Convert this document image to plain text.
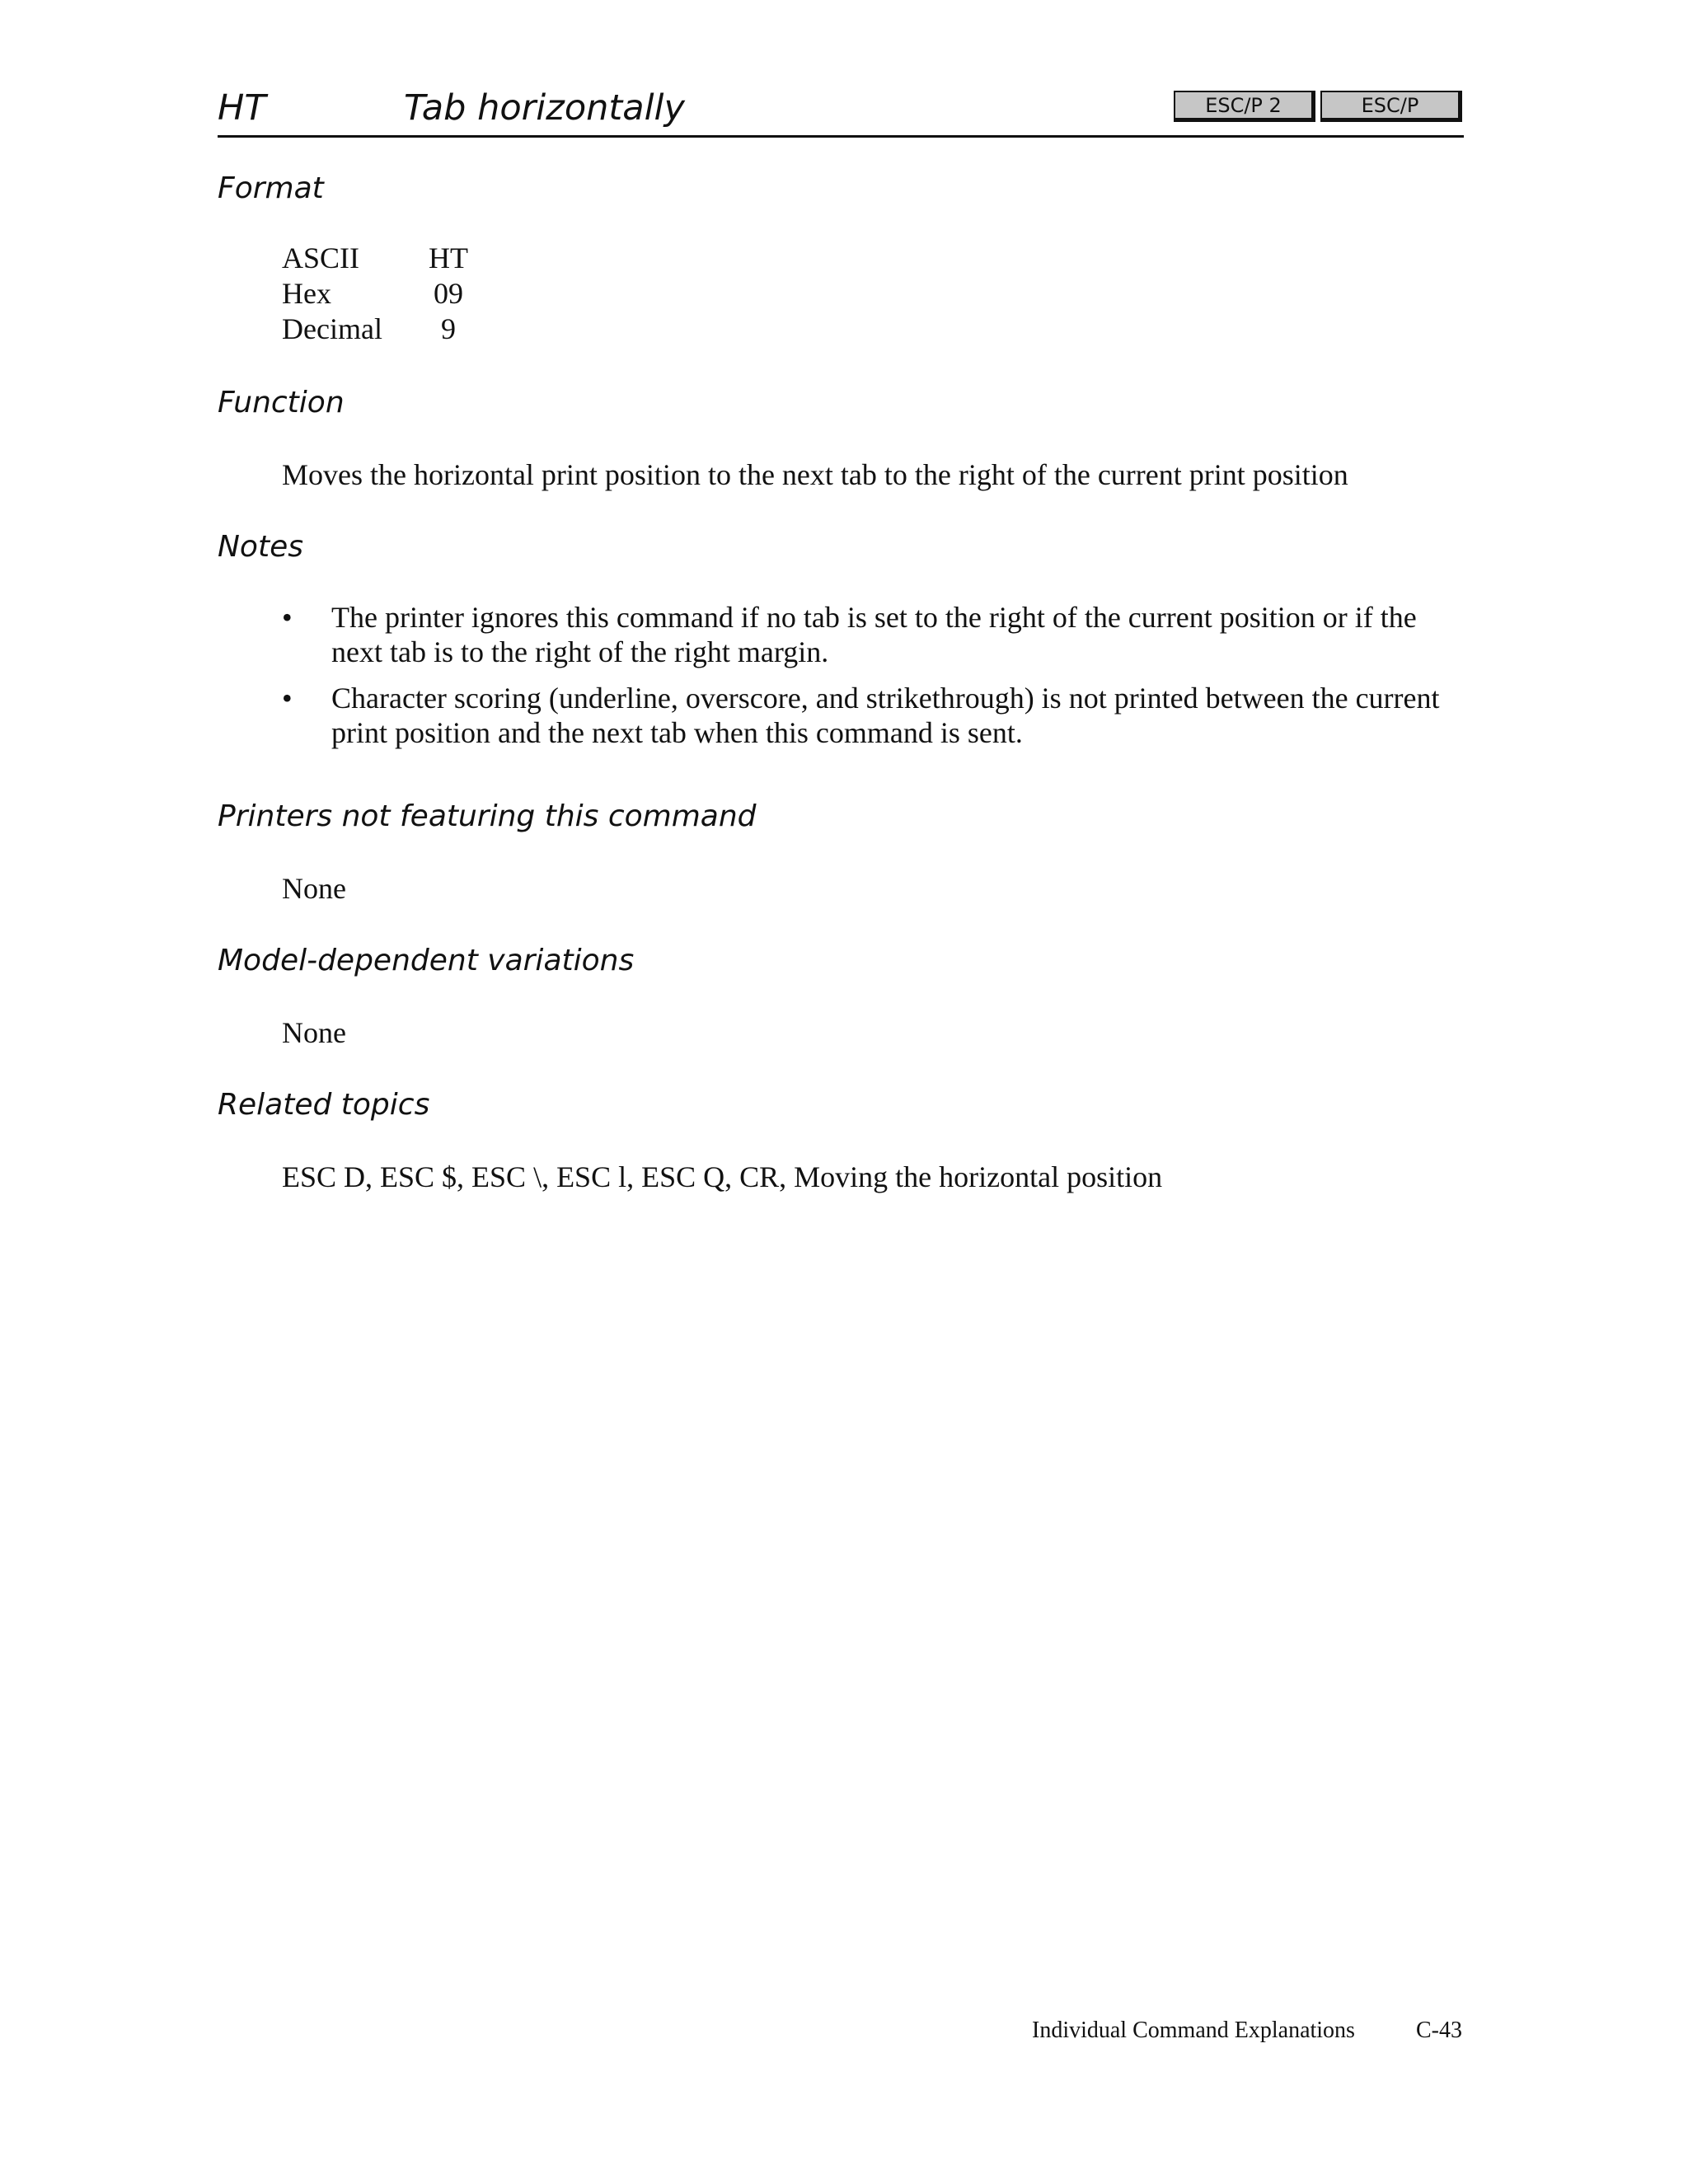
HT	Tab horizontally	ESC/P 2	ESC/P
Format
ASCII	HT
Hex	09
Decimal	9
Function
Moves the horizontal print position to the next tab to the right of the current print position
Notes
• The printer ignores this command if no tab is set to the right of the current position or if the next tab is to the right of the right margin.
• Character scoring (underline, overscore, and strikethrough) is not printed between the current print position and the next tab when this command is sent.
Printers not featuring this command
None
Model-dependent variations
None
Related topics
ESC D, ESC $, ESC \, ESC l, ESC Q, CR, Moving the horizontal position
Individual Command Explanations	C-43
